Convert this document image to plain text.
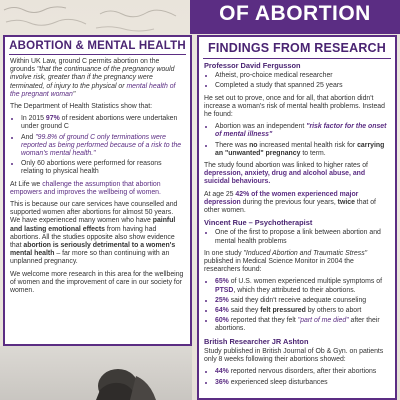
OF ABORTION
ABORTION & MENTAL HEALTH

Within UK Law, ground C permits abortion on the grounds "that the continuance of the pregnancy would involve risk, greater than if the pregnancy were terminated, of injury to the physical or mental health of the pregnant woman"

The Department of Health Statistics show that:

• In 2015 97% of resident abortions were undertaken under ground C
• And "99.8% of ground C only terminations were reported as being performed because of a risk to the woman's mental health."
• Only 60 abortions were performed for reasons relating to physical health

At Life we challenge the assumption that abortion empowers and improves the wellbeing of women.

This is because our care services have counselled and supported women after abortions for almost 50 years. We have experienced many women who have painful and lasting emotional effects from having had abortions. All the studies opposite also show evidence that abortion is seriously detrimental to a women's mental health – far more so than continuing with an unplanned pregnancy.

We welcome more research in this area for the wellbeing of women and the improvement of care in our society for women.

FINDINGS FROM RESEARCH
Professor David Fergusson
• Atheist, pro-choice medical researcher
• Completed a study that spanned 25 years

He set out to prove, once and for all, that abortion didn't increase a woman's risk of mental health problems. Instead he found:

• Abortion was an independent "risk factor for the onset of mental illness"
• There was no increased mental health risk for carrying an "unwanted" pregnancy to term.

The study found abortion was linked to higher rates of depression, anxiety, drug and alcohol abuse, and suicidal behaviours.

At age 25 42% of the women experienced major depression during the previous four years, twice that of other women.

Vincent Rue – Psychotherapist
• One of the first to propose a link between abortion and mental health problems

In one study "Induced Abortion and Traumatic Stress" published in Medical Science Monitor in 2004 the researchers found:

• 65% of U.S. women experienced multiple symptoms of PTSD, which they attributed to their abortions.
• 25% said they didn't receive adequate counseling
• 64% said they felt pressured by others to abort
• 60% reported that they felt "part of me died" after their abortions.
British Researcher JR Ashton

Study published in British Journal of Ob & Gyn. on patients only 8 weeks following their abortions showed:

• 44% reported nervous disorders, after their abortions
• 36% experienced sleep disturbances
